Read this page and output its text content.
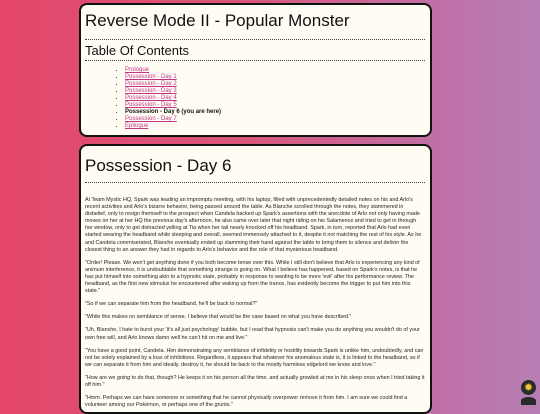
Reverse Mode II - Popular Monster
Table Of Contents
• Prologue
• Possession - Day 1
• Possession - Day 2
• Possession - Day 3
• Possession - Day 4
• Possession - Day 5
• Possession - Day 6 (you are here)
• Possession - Day 7
• Epilogue
Possession - Day 6

At Team Mystic HQ, Spark was leading an impromptu meeting, with his laptop, filled with unprecedentedly detailed notes on his and Arlo's recent activities and Arlo's bizarre behavior, being passed around the table. As Blanche scrolled through the notes, they stammered in disbelief, only to resign themself to the prospect when Candela backed up Spark's assertions with the anecdote of Arlo not only having made moves on her at her HQ the previous day's afternoon, he also came over later that night riding on his Salamence and tried to get in through her window, only to get distracted yelling at Tia when her tail nearly knocked off his headband. Spark, in turn, reported that Arlo had even started wearing the headband while sleeping and overall, seemed immensely attached to it, despite it not matching the rest of his style. As he and Candela commiserated, Blanche eventually ended up slamming their hand against the table to bring them to silence and deliver the closest thing to an answer they had in regards to Arlo's behavior and the role of that mysterious headband.

"Order! Please. We won't get anything done if you both become tense over this. While I still don't believe that Arlo is experiencing any kind of animum interference, it is undoubtable that something strange is going on. What I believe has happened, based on Spark's notes, is that he has put himself into something akin to a hypnotic state, probably in response to wanting to be more 'evil' after his performance review. The headband, as the first new stimulus he encountered after waking up from the trance, has evidently become the trigger to put him into this state."

"So if we can separate him from the headband, he'll be back to normal?"

"While this makes no semblance of sense, I believe that would be the case based on what you have described."

"Uh, Blanche, I hate to burst your 'it's all just psychology' bubble, but I read that hypnosis can't make you do anything you wouldn't do of your own free will, and Arlo knows damn well he can't hit on me and live."

"You have a good point, Candela. Him demonstrating any semblance of infidelity or hostility towards Spark is unlike him, undoubtedly, and can not be solely explained by a loss of inhibitions. Regardless, it appears that whatever his anomalous state is, it is linked to the headband, so if we can separate it from him and ideally, destroy it, he should be back to the mostly harmless edgelord we know and love."

"How are we going to do that, though? He keeps it on his person all the time, and actually growled at me in his sleep once when I tried taking it off him."

"Hmm. Perhaps we can have someone or something that he cannot physically overpower remove it from him. I am sure we could find a volunteer among our Pokémon, or perhaps one of the grunts."

✹
